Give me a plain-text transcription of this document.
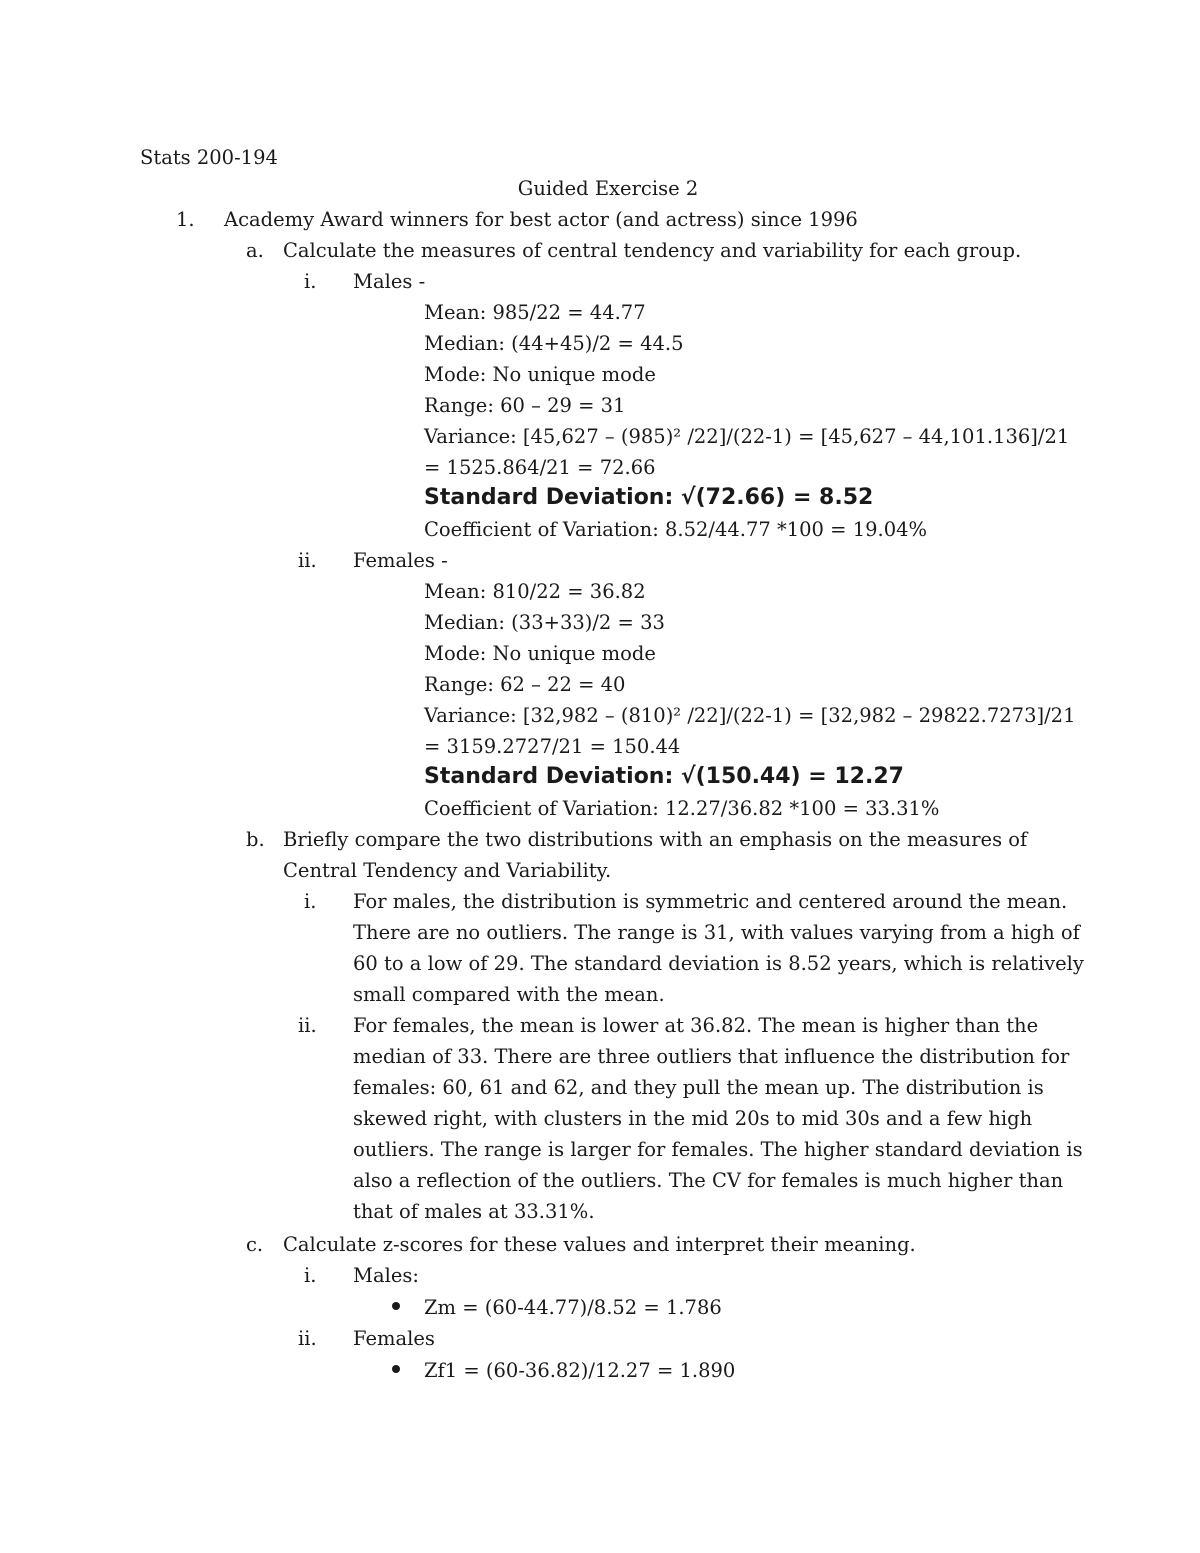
Stats 200-194
Guided Exercise 2
1. Academy Award winners for best actor (and actress) since 1996
a. Calculate the measures of central tendency and variability for each group.
i. Males -
Mean: 985/22 = 44.77
Median: (44+45)/2 = 44.5
Mode: No unique mode
Range: 60 – 29 = 31
Variance: [45,627 – (985)² /22]/(22-1) = [45,627 – 44,101.136]/21
= 1525.864/21 = 72.66
Standard Deviation: √(72.66) = 8.52
Coefficient of Variation: 8.52/44.77 *100 = 19.04%
ii. Females -
Mean: 810/22 = 36.82
Median: (33+33)/2 = 33
Mode: No unique mode
Range: 62 – 22 = 40
Variance: [32,982 – (810)² /22]/(22-1) = [32,982 – 29822.7273]/21
= 3159.2727/21 = 150.44
Standard Deviation: √(150.44) = 12.27
Coefficient of Variation: 12.27/36.82 *100 = 33.31%
b. Briefly compare the two distributions with an emphasis on the measures of
Central Tendency and Variability.
i. For males, the distribution is symmetric and centered around the mean.
There are no outliers. The range is 31, with values varying from a high of
60 to a low of 29. The standard deviation is 8.52 years, which is relatively
small compared with the mean.
ii. For females, the mean is lower at 36.82. The mean is higher than the
median of 33. There are three outliers that influence the distribution for
females: 60, 61 and 62, and they pull the mean up. The distribution is
skewed right, with clusters in the mid 20s to mid 30s and a few high
outliers. The range is larger for females. The higher standard deviation is
also a reflection of the outliers. The CV for females is much higher than
that of males at 33.31%.
c. Calculate z-scores for these values and interpret their meaning.
i. Males:
Zm = (60-44.77)/8.52 = 1.786
ii. Females
Zf1 = (60-36.82)/12.27 = 1.890
